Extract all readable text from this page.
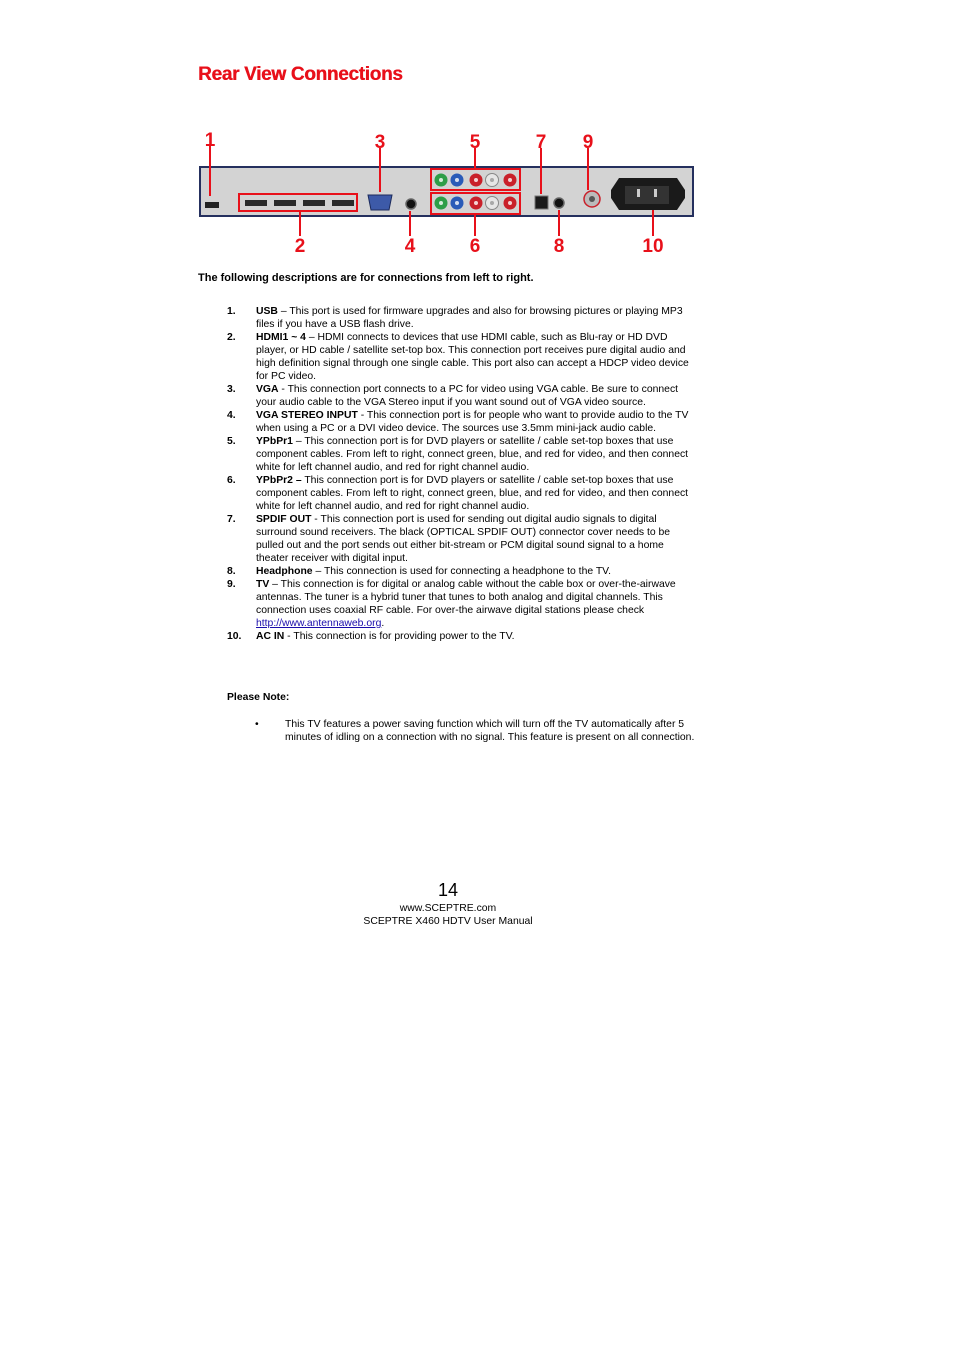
Rear View Connections
1	3	5	7 9
2	4	6	8	10
The following descriptions are for connections from left to right.
1.	USB – This port is used for firmware upgrades and also for browsing pictures or playing MP3 files if you have a USB flash drive.
2.	HDMI1 ~ 4 – HDMI connects to devices that use HDMI cable, such as Blu-ray or HD DVD player, or HD cable / satellite set-top box. This connection port receives pure digital audio and high definition signal through one single cable. This port also can accept a HDCP video device for PC video.
3.	VGA - This connection port connects to a PC for video using VGA cable. Be sure to connect your audio cable to the VGA Stereo input if you want sound out of VGA video source.
4.	VGA STEREO INPUT - This connection port is for people who want to provide audio to the TV when using a PC or a DVI video device. The sources use 3.5mm mini-jack audio cable.
5.	YPbPr1 – This connection port is for DVD players or satellite / cable set-top boxes that use component cables. From left to right, connect green, blue, and red for video, and then connect white for left channel audio, and red for right channel audio.
6.	YPbPr2 – This connection port is for DVD players or satellite / cable set-top boxes that use component cables. From left to right, connect green, blue, and red for video, and then connect white for left channel audio, and red for right channel audio.
7.	SPDIF OUT - This connection port is used for sending out digital audio signals to digital surround sound receivers. The black (OPTICAL SPDIF OUT) connector cover needs to be pulled out and the port sends out either bit-stream or PCM digital sound signal to a home theater receiver with digital input.
8.	Headphone – This connection is used for connecting a headphone to the TV.
9.	TV – This connection is for digital or analog cable without the cable box or over-the-airwave antennas. The tuner is a hybrid tuner that tunes to both analog and digital channels. This connection uses coaxial RF cable. For over-the airwave digital stations please check http://www.antennaweb.org.
10.	AC IN - This connection is for providing power to the TV.
Please Note:
•	This TV features a power saving function which will turn off the TV automatically after 5 minutes of idling on a connection with no signal. This feature is present on all connection.
14
www.SCEPTRE.com
SCEPTRE X460 HDTV User Manual
